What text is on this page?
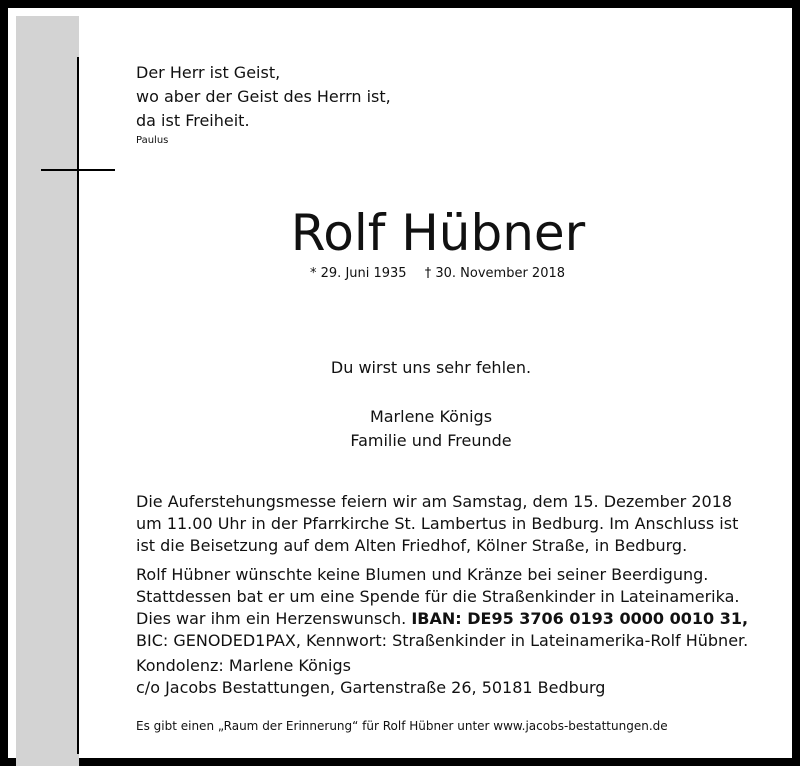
Der Herr ist Geist,
wo aber der Geist des Herrn ist,
da ist Freiheit.
Paulus
Rolf Hübner
* 29. Juni 1935 † 30. November 2018
Du wirst uns sehr fehlen.
Marlene Königs
Familie und Freunde

Die Auferstehungsmesse feiern wir am Samstag, dem 15. Dezember 2018

um 11.00 Uhr in der Pfarrkirche St. Lambertus in Bedburg. Im Anschluss ist

ist die Beisetzung auf dem Alten Friedhof, Kölner Straße, in Bedburg.

Rolf Hübner wünschte keine Blumen und Kränze bei seiner Beerdigung.

Stattdessen bat er um eine Spende für die Straßenkinder in Lateinamerika.

Dies war ihm ein Herzenswunsch. IBAN: DE95 3706 0193 0000 0010 31,

BIC: GENODED1PAX, Kennwort: Straßenkinder in Lateinamerika-Rolf Hübner.

Kondolenz: Marlene Königs

c/o Jacobs Bestattungen, Gartenstraße 26, 50181 Bedburg

Es gibt einen „Raum der Erinnerung“ für Rolf Hübner unter www.jacobs-bestattungen.de
